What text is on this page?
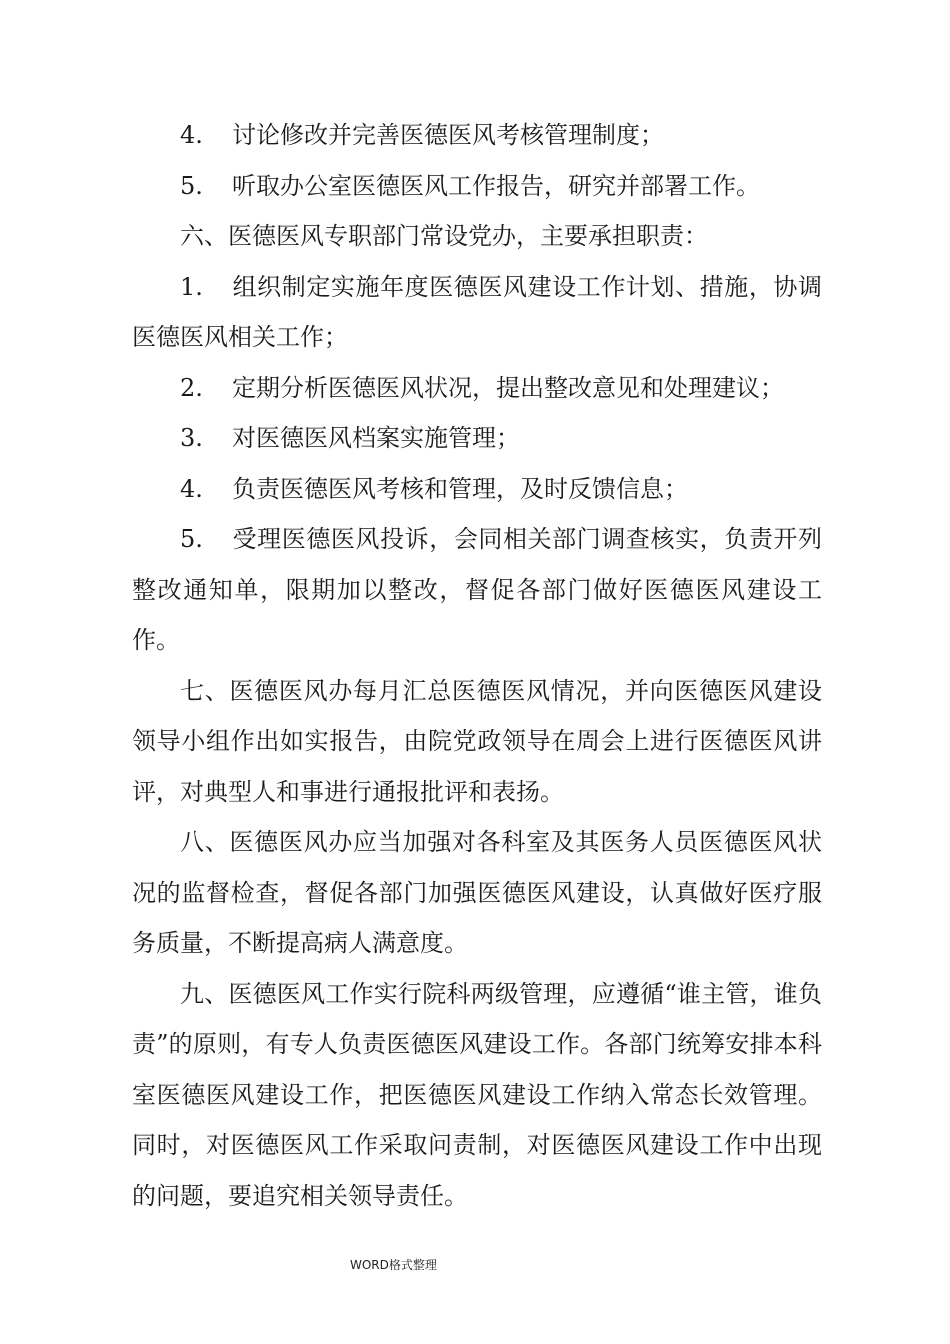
4. 讨论修改并完善医德医风考核管理制度；

5. 听取办公室医德医风工作报告，研究并部署工作。

六、医德医风专职部门常设党办，主要承担职责：

1. 组织制定实施年度医德医风建设工作计划、措施，协调医德医风相关工作；

2. 定期分析医德医风状况，提出整改意见和处理建议；

3. 对医德医风档案实施管理；

4. 负责医德医风考核和管理，及时反馈信息；

5. 受理医德医风投诉，会同相关部门调查核实，负责开列整改通知单，限期加以整改，督促各部门做好医德医风建设工作。

七、医德医风办每月汇总医德医风情况，并向医德医风建设领导小组作出如实报告，由院党政领导在周会上进行医德医风讲评，对典型人和事进行通报批评和表扬。

八、医德医风办应当加强对各科室及其医务人员医德医风状况的监督检查，督促各部门加强医德医风建设，认真做好医疗服务质量，不断提高病人满意度。

九、医德医风工作实行院科两级管理，应遵循“谁主管，谁负责”的原则，有专人负责医德医风建设工作。各部门统筹安排本科室医德医风建设工作，把医德医风建设工作纳入常态长效管理。同时，对医德医风工作采取问责制，对医德医风建设工作中出现的问题，要追究相关领导责任。

WORD格式整理
